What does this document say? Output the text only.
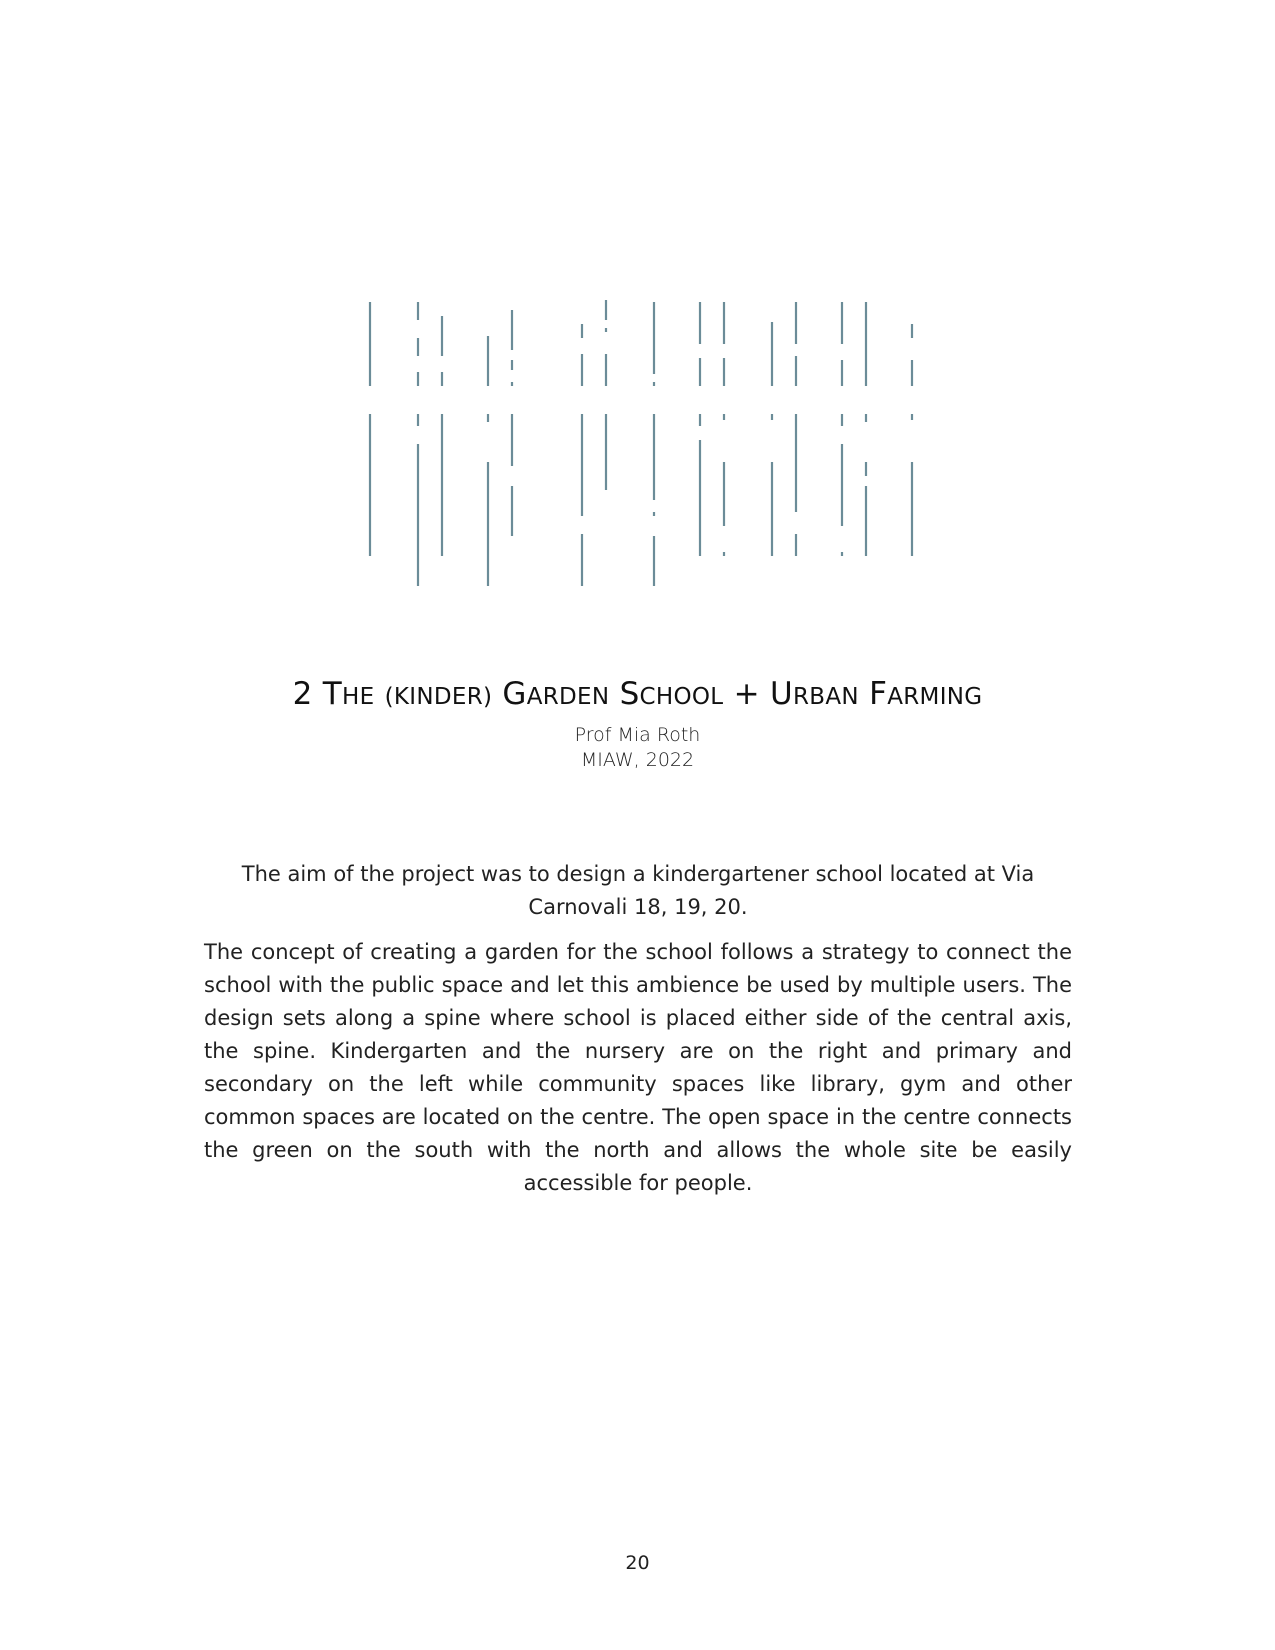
2 THE (KINDER) GARDEN SCHOOL + URBAN FARMING
Prof Mia Roth
MIAW, 2022

The aim of the project was to design a kindergartener school located at Via Carnovali 18, 19, 20.

The concept of creating a garden for the school follows a strategy to connect the school with the public space and let this ambience be used by multiple users. The design sets along a spine where school is placed either side of the central axis, the spine. Kindergarten and the nursery are on the right and primary and secondary on the left while community spaces like library, gym and other common spaces are located on the centre. The open space in the centre connects the green on the south with the north and allows the whole site be easily accessible for people.

20
